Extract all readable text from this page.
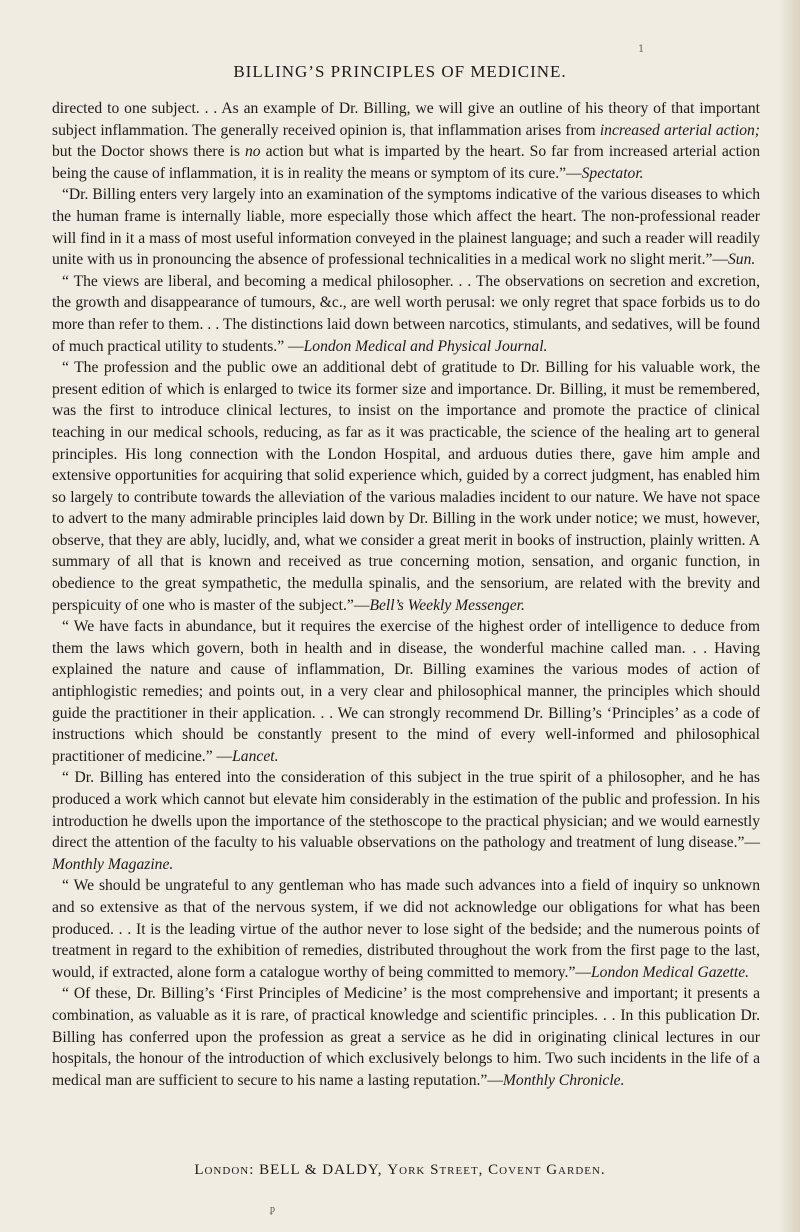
1
BILLING’S PRINCIPLES OF MEDICINE.

directed to one subject. . . As an example of Dr. Billing, we will give an outline of his theory of that important subject inflammation. The generally received opinion is, that inflammation arises from increased arterial action; but the Doctor shows there is no action but what is imparted by the heart. So far from increased arterial action being the cause of inflammation, it is in reality the means or symptom of its cure.”—Spectator.

“Dr. Billing enters very largely into an examination of the symptoms indicative of the various diseases to which the human frame is internally liable, more especially those which affect the heart. The non-professional reader will find in it a mass of most useful information conveyed in the plainest language; and such a reader will readily unite with us in pronouncing the absence of professional technicalities in a medical work no slight merit.”—Sun.

“ The views are liberal, and becoming a medical philosopher. . . The observations on secretion and excretion, the growth and disappearance of tumours, &c., are well worth perusal: we only regret that space forbids us to do more than refer to them. . . The distinctions laid down between narcotics, stimulants, and sedatives, will be found of much practical utility to students.” —London Medical and Physical Journal.

“ The profession and the public owe an additional debt of gratitude to Dr. Billing for his valuable work, the present edition of which is enlarged to twice its former size and importance. Dr. Billing, it must be remembered, was the first to introduce clinical lectures, to insist on the importance and promote the practice of clinical teaching in our medical schools, reducing, as far as it was practicable, the science of the healing art to general principles. His long connection with the London Hospital, and arduous duties there, gave him ample and extensive opportunities for acquiring that solid experience which, guided by a correct judgment, has enabled him so largely to contribute towards the alleviation of the various maladies incident to our nature. We have not space to advert to the many admirable principles laid down by Dr. Billing in the work under notice; we must, however, observe, that they are ably, lucidly, and, what we consider a great merit in books of instruction, plainly written. A summary of all that is known and received as true concerning motion, sensation, and organic function, in obedience to the great sympathetic, the medulla spinalis, and the sensorium, are related with the brevity and perspicuity of one who is master of the subject.”—Bell’s Weekly Messenger.

“ We have facts in abundance, but it requires the exercise of the highest order of intelligence to deduce from them the laws which govern, both in health and in disease, the wonderful machine called man. . . Having explained the nature and cause of inflammation, Dr. Billing examines the various modes of action of antiphlogistic remedies; and points out, in a very clear and philosophical manner, the principles which should guide the practitioner in their application. . . We can strongly recommend Dr. Billing’s ‘Principles’ as a code of instructions which should be constantly present to the mind of every well-informed and philosophical practitioner of medicine.” —Lancet.

“ Dr. Billing has entered into the consideration of this subject in the true spirit of a philosopher, and he has produced a work which cannot but elevate him considerably in the estimation of the public and profession. In his introduction he dwells upon the importance of the stethoscope to the practical physician; and we would earnestly direct the attention of the faculty to his valuable observations on the pathology and treatment of lung disease.”—Monthly Magazine.

“ We should be ungrateful to any gentleman who has made such advances into a field of inquiry so unknown and so extensive as that of the nervous system, if we did not acknowledge our obligations for what has been produced. . . It is the leading virtue of the author never to lose sight of the bedside; and the numerous points of treatment in regard to the exhibition of remedies, distributed throughout the work from the first page to the last, would, if extracted, alone form a catalogue worthy of being committed to memory.”—London Medical Gazette.

“ Of these, Dr. Billing’s ‘First Principles of Medicine’ is the most comprehensive and important; it presents a combination, as valuable as it is rare, of practical knowledge and scientific principles. . . In this publication Dr. Billing has conferred upon the profession as great a service as he did in originating clinical lectures in our hospitals, the honour of the introduction of which exclusively belongs to him. Two such incidents in the life of a medical man are sufficient to secure to his name a lasting reputation.”—Monthly Chronicle.

London: BELL & DALDY, York Street, Covent Garden.
ᵱ
